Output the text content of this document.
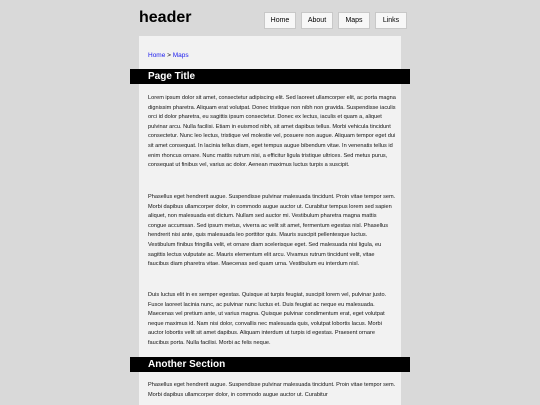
header	Home	About	Maps	Links
Home > Maps
Page Title

Lorem ipsum dolor sit amet, consectetur adipiscing elit. Sed laoreet ullamcorper elit, ac porta magna dignissim pharetra. Aliquam erat volutpat. Donec tristique non nibh non gravida. Suspendisse iaculis orci id dolor pharetra, eu sagittis ipsum consectetur. Donec ex lectus, iaculis et quam a, aliquet pulvinar arcu. Nulla facilisi. Etiam in euismod nibh, sit amet dapibus tellus. Morbi vehicula tincidunt consectetur. Nunc leo lectus, tristique vel molestie vel, posuere non augue. Aliquam tempor eget dui sit amet consequat. In lacinia tellus diam, eget tempus augue bibendum vitae. In venenatis tellus id enim rhoncus ornare. Nunc mattis rutrum nisi, a efficitur ligula tristique ultrices. Sed metus purus, consequat ut finibus vel, varius ac dolor. Aenean maximus luctus turpis a suscipit.

Phasellus eget hendrerit augue. Suspendisse pulvinar malesuada tincidunt. Proin vitae tempor sem. Morbi dapibus ullamcorper dolor, in commodo augue auctor ut. Curabitur tempus lorem sed sapien aliquet, non malesuada est dictum. Nullam sed auctor mi. Vestibulum pharetra magna mattis congue accumsan. Sed ipsum metus, viverra ac velit sit amet, fermentum egestas nisl. Phasellus hendrerit nisi ante, quis malesuada leo porttitor quis. Mauris suscipit pellentesque luctus. Vestibulum finibus fringilla velit, et ornare diam scelerisque eget. Sed malesuada nisi ligula, eu sagittis lectus vulputate ac. Mauris elementum elit arcu. Vivamus rutrum tincidunt velit, vitae faucibus diam pharetra vitae. Maecenas sed quam urna. Vestibulum eu interdum nisl.

Duis luctus elit in ex semper egestas. Quisque at turpis feugiat, suscipit lorem vel, pulvinar justo. Fusce laoreet lacinia nunc, ac pulvinar nunc luctus et. Duis feugiat ac neque eu malesuada. Maecenas vel pretium ante, ut varius magna. Quisque pulvinar condimentum erat, eget volutpat neque maximus id. Nam nisi dolor, convallis nec malesuada quis, volutpat lobortis lacus. Morbi auctor lobortis velit sit amet dapibus. Aliquam interdum ut turpis id egestas. Praesent ornare faucibus porta. Nulla facilisi. Morbi ac felis neque.

Another Section

Phasellus eget hendrerit augue. Suspendisse pulvinar malesuada tincidunt. Proin vitae tempor sem. Morbi dapibus ullamcorper dolor, in commodo augue auctor ut. Curabitur
